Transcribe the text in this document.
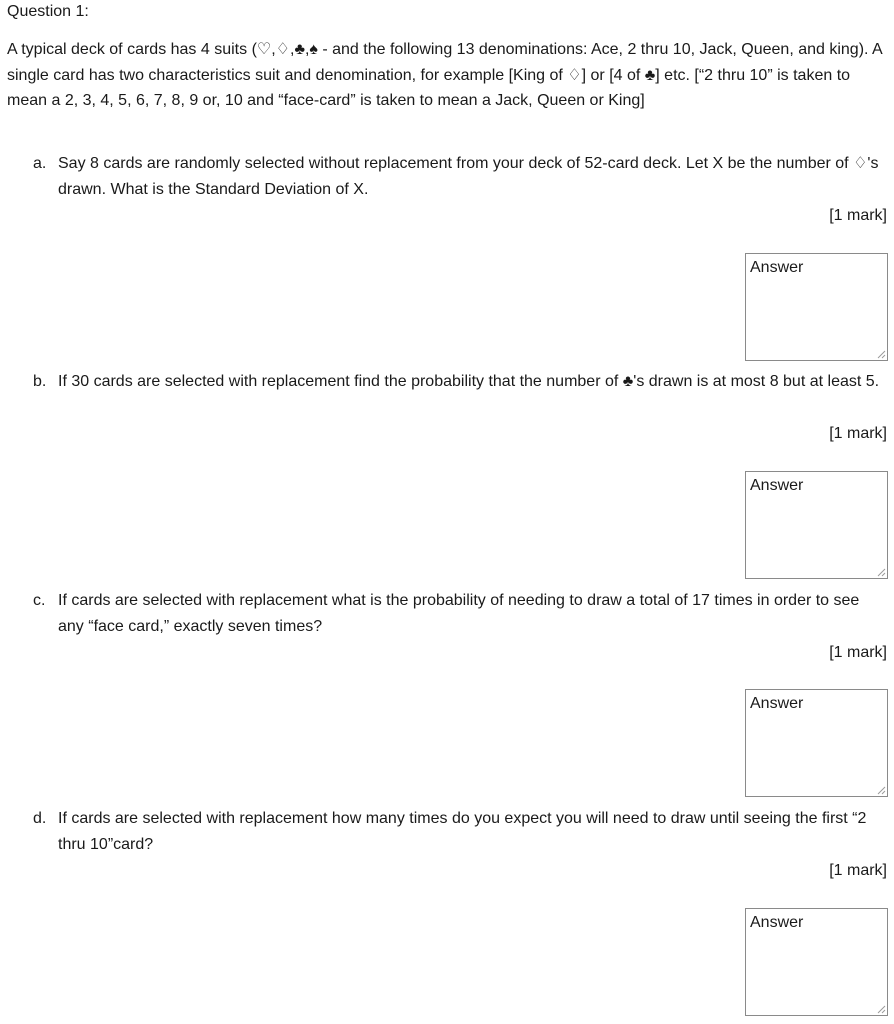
Question 1:

A typical deck of cards has 4 suits (♡,♢,♣,♠ - and the following 13 denominations: Ace, 2 thru 10, Jack, Queen, and king). A single card has two characteristics suit and denomination, for example [King of ♢] or [4 of ♣] etc. [“2 thru 10” is taken to mean a 2, 3, 4, 5, 6, 7, 8, 9 or, 10 and “face-card” is taken to mean a Jack, Queen or King]

a. Say 8 cards are randomly selected without replacement from your deck of 52-card deck. Let X be the number of ♢'s drawn. What is the Standard Deviation of X.
[1 mark]
Answer
b. If 30 cards are selected with replacement find the probability that the number of ♣'s drawn is at most 8 but at least 5.
[1 mark]
Answer
c. If cards are selected with replacement what is the probability of needing to draw a total of 17 times in order to see any “face card,” exactly seven times?
[1 mark]
Answer
d. If cards are selected with replacement how many times do you expect you will need to draw until seeing the first “2 thru 10”card?
[1 mark]
Answer
